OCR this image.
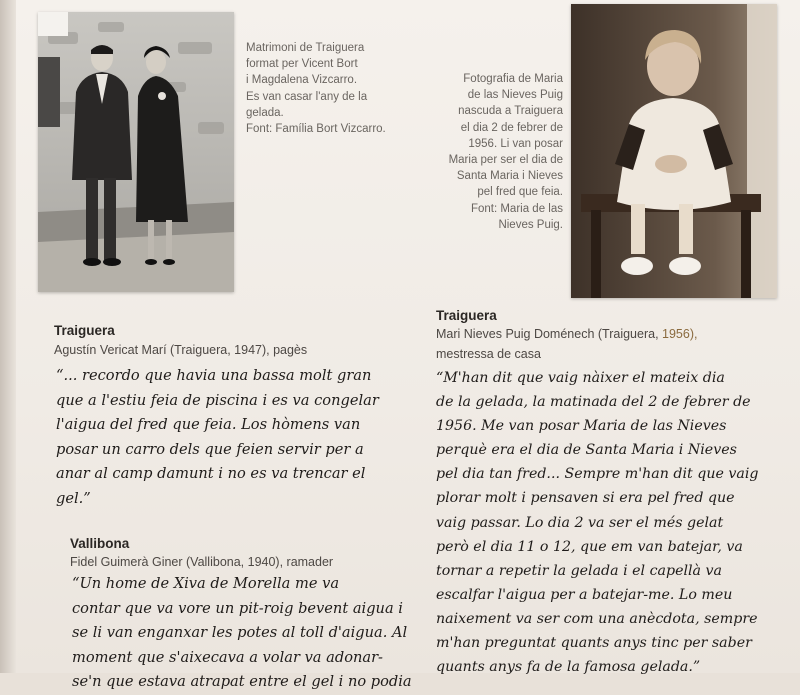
Matrimoni de Traiguera
format per Vicent Bort
i Magdalena Vizcarro.
Es van casar l'any de la
gelada.
Font: Família Bort Vizcarro.
Fotografia de Maria
de las Nieves Puig
nascuda a Traiguera
el dia 2 de febrer de
1956. Li van posar
Maria per ser el dia de
Santa Maria i Nieves
pel fred que feia.
Font: Maria de las
Nieves Puig.
Traiguera
Agustín Vericat Marí (Traiguera, 1947), pagès
“... recordo que havia una bassa molt gran
que a l'estiu feia de piscina i es va congelar
l'aigua del fred que feia. Los hòmens van
posar un carro dels que feien servir per a
anar al camp damunt i no es va trencar el
gel.”
Vallibona
Fidel Guimerà Giner (Vallibona, 1940), ramader
“Un home de Xiva de Morella me va
contar que va vore un pit-roig bevent aigua i
se li van enganxar les potes al toll d'aigua. Al
moment que s'aixecava a volar va adonar-
se'n que estava atrapat entre el gel i no podia
Traiguera
Mari Nieves Puig Doménech (Traiguera, 1956),
mestressa de casa
“M'han dit que vaig nàixer el mateix dia
de la gelada, la matinada del 2 de febrer de
1956. Me van posar Maria de las Nieves
perquè era el dia de Santa Maria i Nieves
pel dia tan fred... Sempre m'han dit que vaig
plorar molt i pensaven si era pel fred que
vaig passar. Lo dia 2 va ser el més gelat
però el dia 11 o 12, que em van batejar, va
tornar a repetir la gelada i el capellà va
escalfar l'aigua per a batejar-me. Lo meu
naixement va ser com una anècdota, sempre
m'han preguntat quants anys tinc per saber
quants anys fa de la famosa gelada.”
